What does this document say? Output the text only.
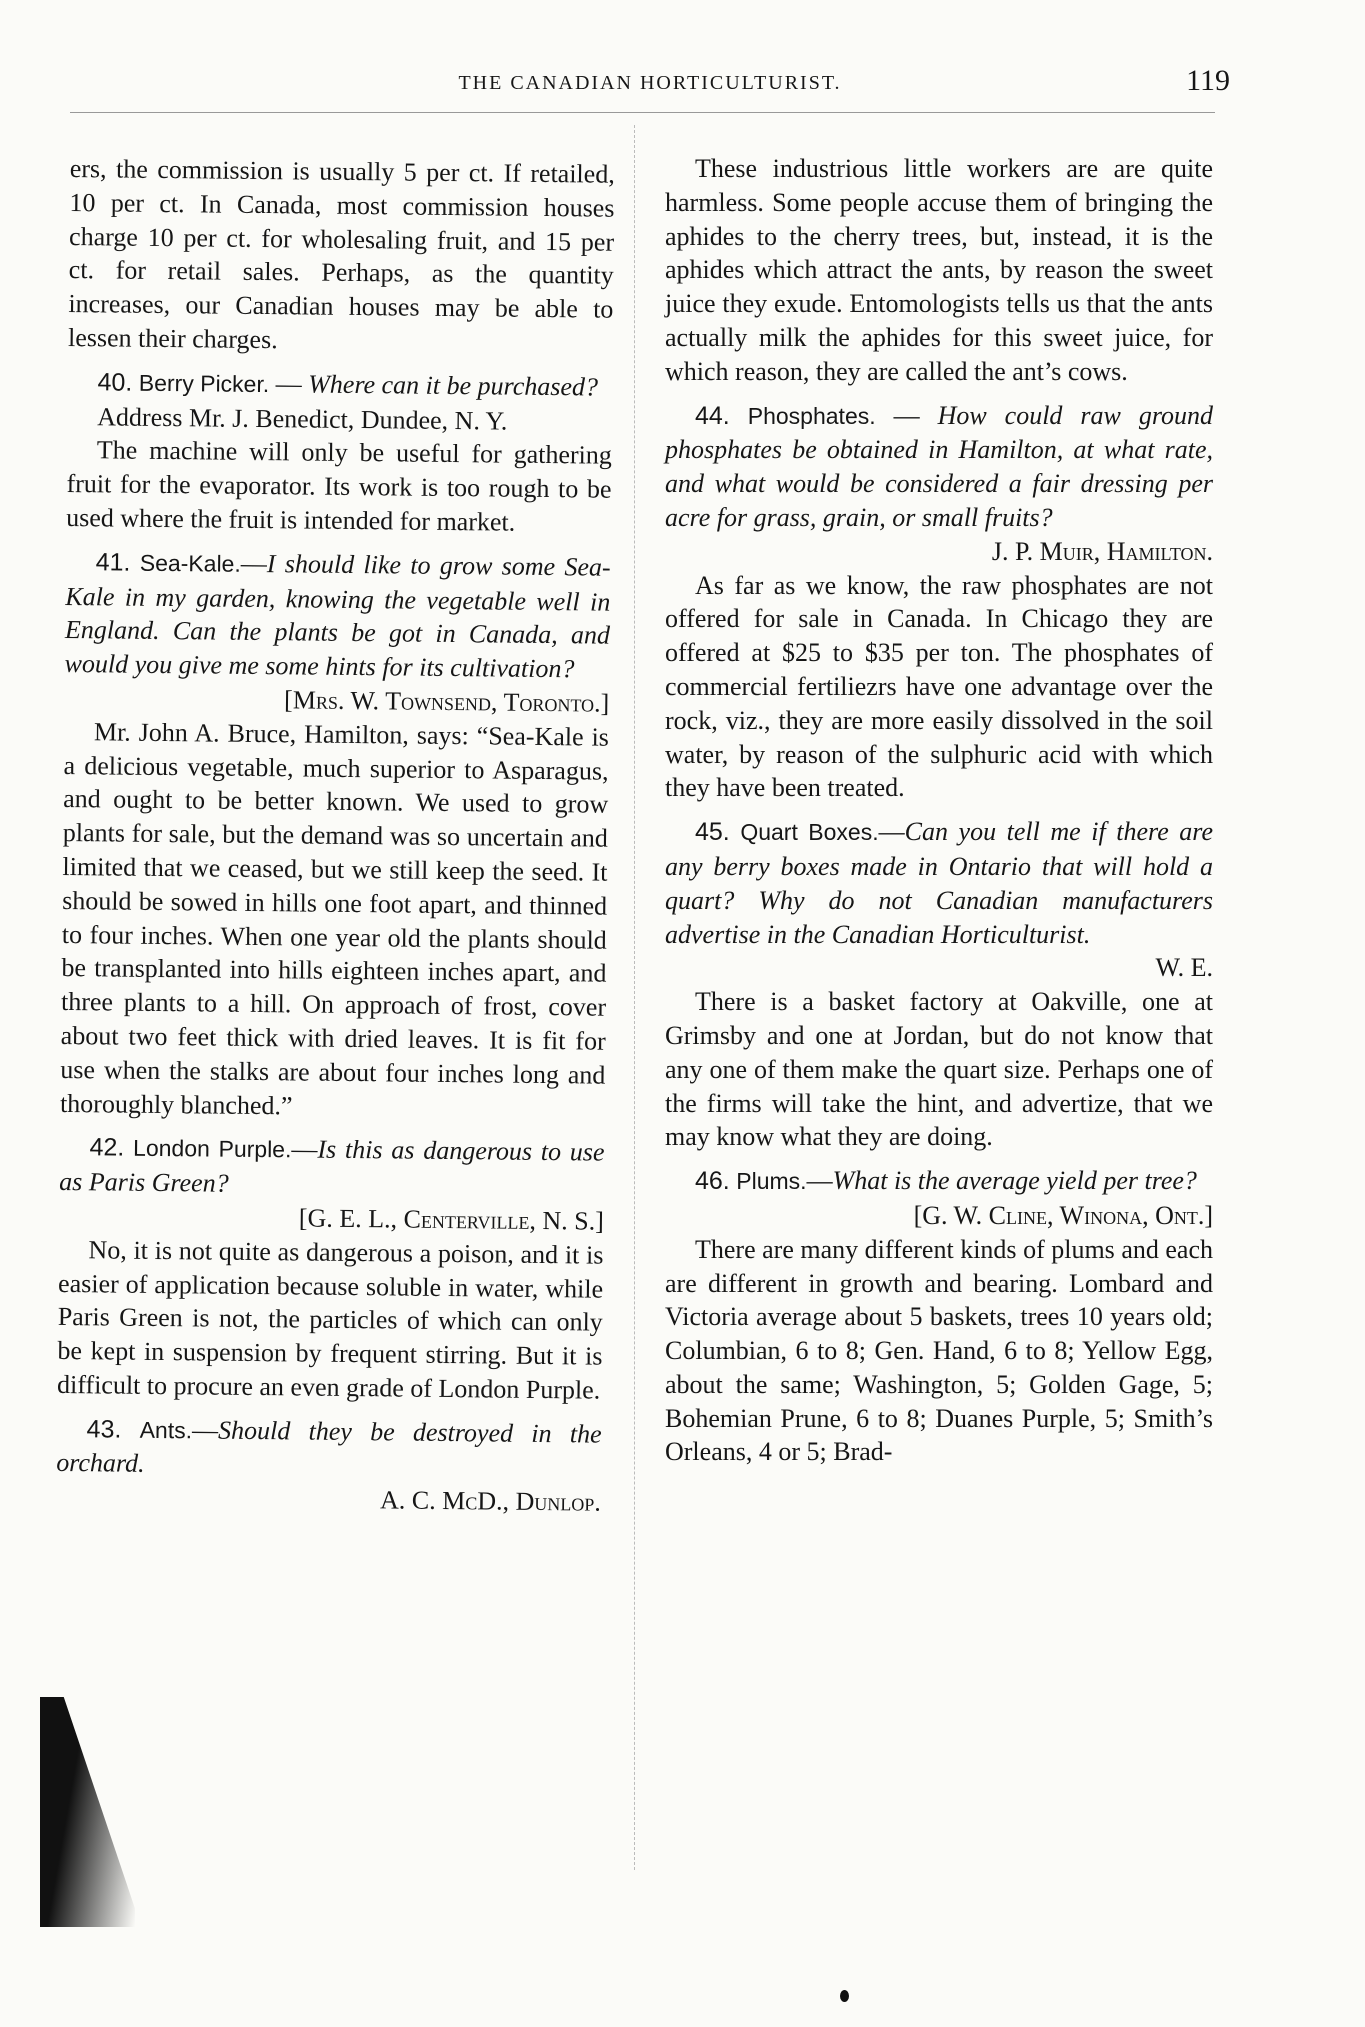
THE CANADIAN HORTICULTURIST.	119

ers, the commission is usually 5 per ct. If retailed, 10 per ct. In Canada, most commission houses charge 10 per ct. for wholesaling fruit, and 15 per ct. for retail sales. Perhaps, as the quantity increases, our Canadian houses may be able to lessen their charges.

40. Berry Picker. — Where can it be purchased?

Address Mr. J. Benedict, Dundee, N. Y.

The machine will only be useful for gathering fruit for the evaporator. Its work is too rough to be used where the fruit is intended for market.

41. Sea-Kale.—I should like to grow some Sea-Kale in my garden, knowing the vegetable well in England. Can the plants be got in Canada, and would you give me some hints for its cultivation?

[Mrs. W. Townsend, Toronto.]

Mr. John A. Bruce, Hamilton, says: “Sea-Kale is a delicious vegetable, much superior to Asparagus, and ought to be better known. We used to grow plants for sale, but the demand was so uncertain and limited that we ceased, but we still keep the seed. It should be sowed in hills one foot apart, and thinned to four inches. When one year old the plants should be transplanted into hills eighteen inches apart, and three plants to a hill. On approach of frost, cover about two feet thick with dried leaves. It is fit for use when the stalks are about four inches long and thoroughly blanched.”

42. London Purple.—Is this as dangerous to use as Paris Green?

[G. E. L., Centerville, N. S.]

No, it is not quite as dangerous a poison, and it is easier of application because soluble in water, while Paris Green is not, the particles of which can only be kept in suspension by frequent stirring. But it is difficult to procure an even grade of London Purple.

43. Ants.—Should they be destroyed in the orchard.

A. C. McD., Dunlop.

These industrious little workers are are quite harmless. Some people accuse them of bringing the aphides to the cherry trees, but, instead, it is the aphides which attract the ants, by reason the sweet juice they exude. Entomologists tells us that the ants actually milk the aphides for this sweet juice, for which reason, they are called the ant’s cows.

44. Phosphates. — How could raw ground phosphates be obtained in Hamilton, at what rate, and what would be considered a fair dressing per acre for grass, grain, or small fruits?

J. P. Muir, Hamilton.

As far as we know, the raw phosphates are not offered for sale in Canada. In Chicago they are offered at $25 to $35 per ton. The phosphates of commercial fertiliezrs have one advantage over the rock, viz., they are more easily dissolved in the soil water, by reason of the sulphuric acid with which they have been treated.

45. Quart Boxes.—Can you tell me if there are any berry boxes made in Ontario that will hold a quart? Why do not Canadian manufacturers advertise in the Canadian Horticulturist.

W. E.

There is a basket factory at Oakville, one at Grimsby and one at Jordan, but do not know that any one of them make the quart size. Perhaps one of the firms will take the hint, and advertize, that we may know what they are doing.

46. Plums.—What is the average yield per tree?

[G. W. Cline, Winona, Ont.]

There are many different kinds of plums and each are different in growth and bearing. Lombard and Victoria average about 5 baskets, trees 10 years old; Columbian, 6 to 8; Gen. Hand, 6 to 8; Yellow Egg, about the same; Washington, 5; Golden Gage, 5; Bohemian Prune, 6 to 8; Duanes Purple, 5; Smith’s Orleans, 4 or 5; Brad-
